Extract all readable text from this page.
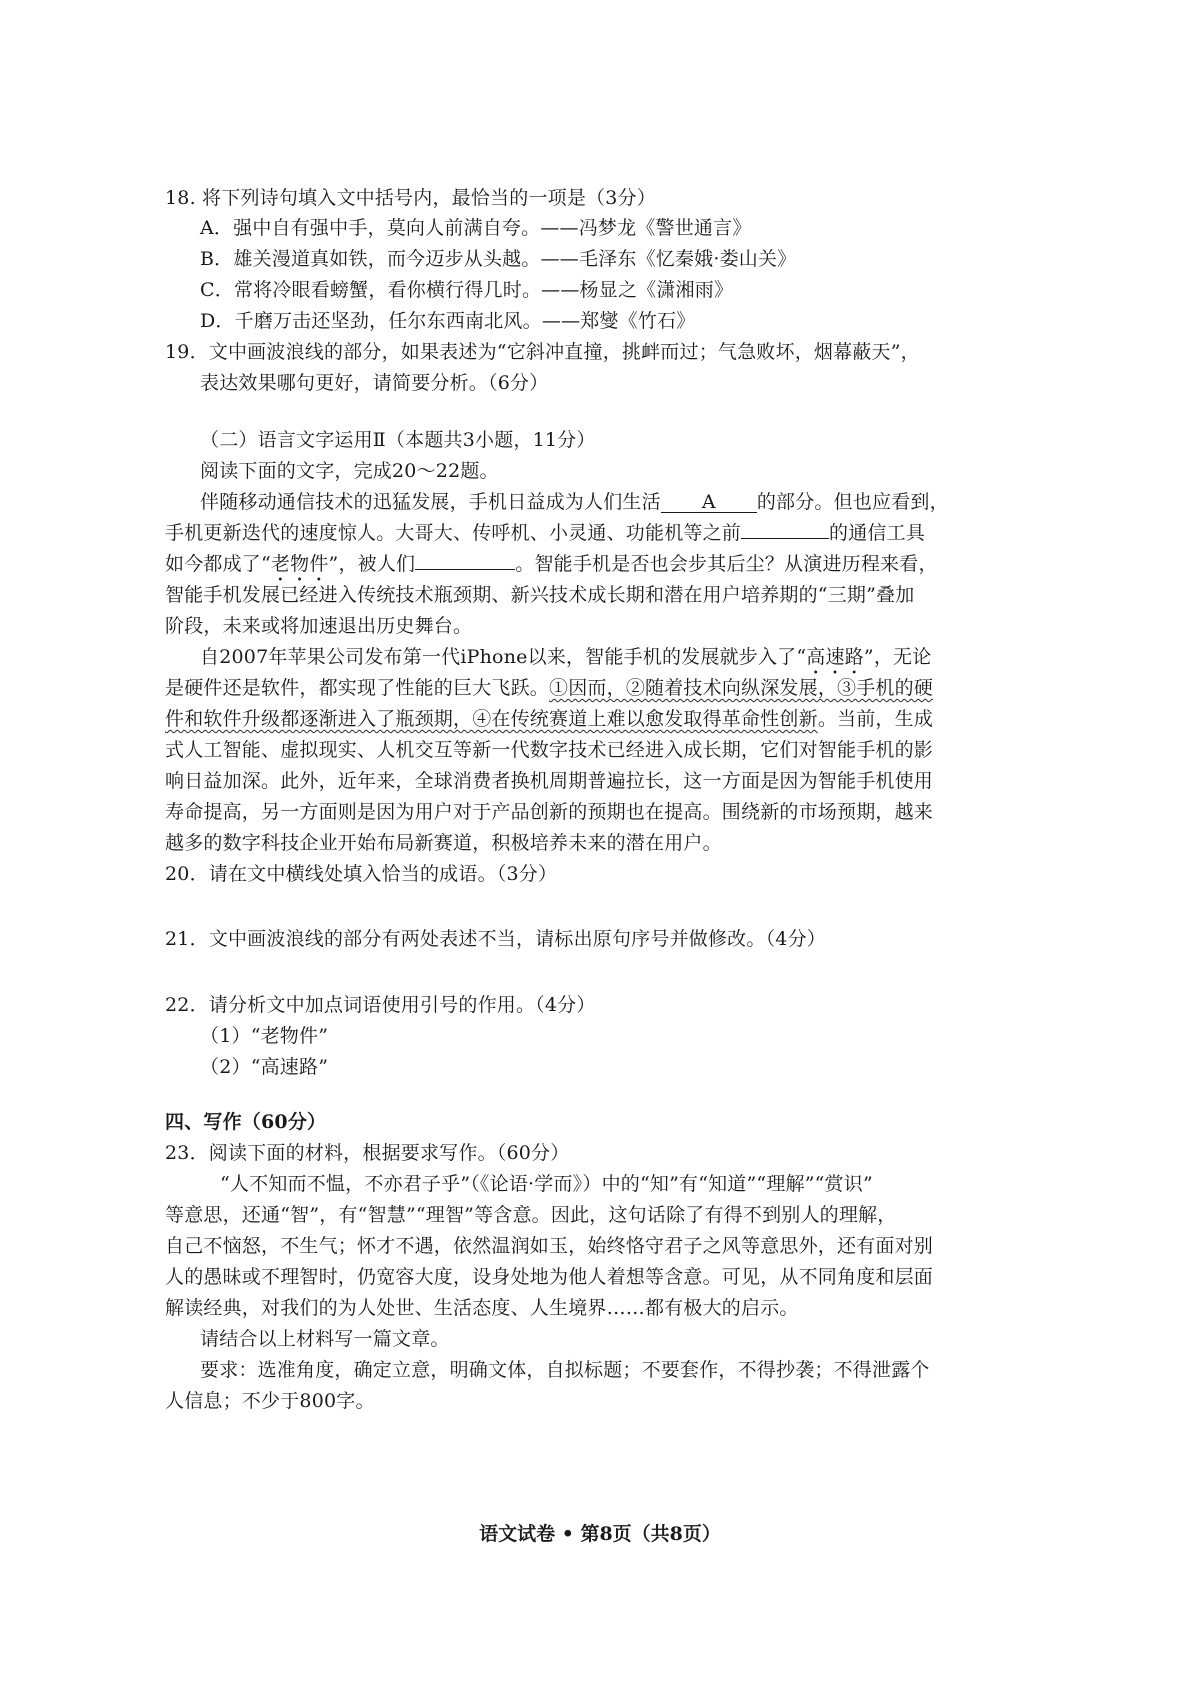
18. 将下列诗句填入文中括号内，最恰当的一项是（3分）
A．强中自有强中手，莫向人前满自夸。——冯梦龙《警世通言》
B．雄关漫道真如铁，而今迈步从头越。——毛泽东《忆秦娥·娄山关》
C．常将冷眼看螃蟹，看你横行得几时。——杨显之《潇湘雨》
D．千磨万击还坚劲，任尔东西南北风。——郑燮《竹石》
19．文中画波浪线的部分，如果表述为“它斜冲直撞，挑衅而过；气急败坏，烟幕蔽天”，
表达效果哪句更好，请简要分析。（6分）
（二）语言文字运用Ⅱ（本题共3小题，11分）
阅读下面的文字，完成20～22题。
伴随移动通信技术的迅猛发展，手机日益成为人们生活 A 的部分。但也应看到，
手机更新迭代的速度惊人。大哥大、传呼机、小灵通、功能机等之前	的通信工具
如今都成了“老物件”，被人们	。智能手机是否也会步其后尘？从演进历程来看，
智能手机发展已经进入传统技术瓶颈期、新兴技术成长期和潜在用户培养期的“三期”叠加
阶段，未来或将加速退出历史舞台。
自2007年苹果公司发布第一代iPhone以来，智能手机的发展就步入了“高速路”，无论
是硬件还是软件，都实现了性能的巨大飞跃。①因而，②随着技术向纵深发展，③手机的硬
件和软件升级都逐渐进入了瓶颈期，④在传统赛道上难以愈发取得革命性创新。当前，生成
式人工智能、虚拟现实、人机交互等新一代数字技术已经进入成长期，它们对智能手机的影
响日益加深。此外，近年来，全球消费者换机周期普遍拉长，这一方面是因为智能手机使用
寿命提高，另一方面则是因为用户对于产品创新的预期也在提高。围绕新的市场预期，越来
越多的数字科技企业开始布局新赛道，积极培养未来的潜在用户。
20．请在文中横线处填入恰当的成语。（3分）
21．文中画波浪线的部分有两处表述不当，请标出原句序号并做修改。（4分）
22．请分析文中加点词语使用引号的作用。（4分）
（1）“老物件”
（2）“高速路”
四、写作（60分）
23．阅读下面的材料，根据要求写作。（60分）
“人不知而不愠，不亦君子乎”（《论语·学而》）中的“知”有“知道”“理解”“赏识”
等意思，还通“智”，有“智慧”“理智”等含意。因此，这句话除了有得不到别人的理解，
自己不恼怒，不生气；怀才不遇，依然温润如玉，始终恪守君子之风等意思外，还有面对别
人的愚昧或不理智时，仍宽容大度，设身处地为他人着想等含意。可见，从不同角度和层面
解读经典，对我们的为人处世、生活态度、人生境界……都有极大的启示。
请结合以上材料写一篇文章。
要求：选准角度，确定立意，明确文体，自拟标题；不要套作，不得抄袭；不得泄露个
人信息；不少于800字。
语文试卷 • 第8页（共8页）
